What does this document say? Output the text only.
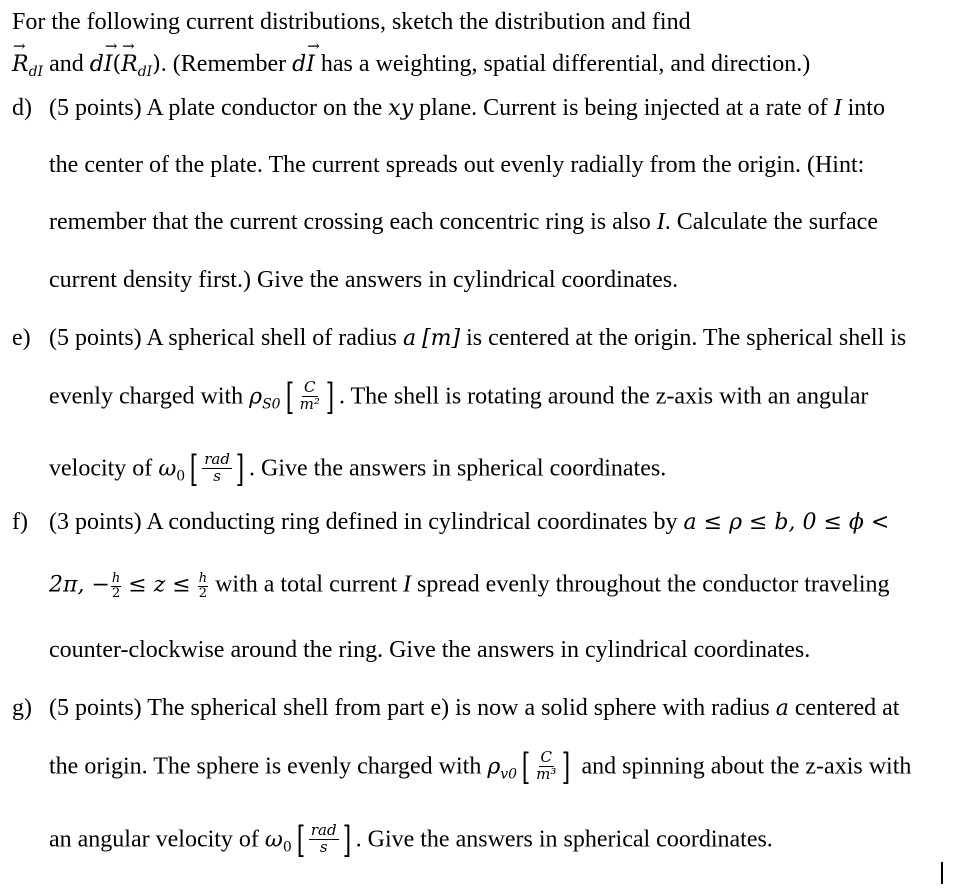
For the following current distributions, sketch the distribution and find
→ $R_{dI}$ and $d\to I(\to R_{dI})$. (Remember d→ I has a weighting, spatial differential, and direction.)
d) (5 points) A plate conductor on the xy plane. Current is being injected at a rate of I into
the center of the plate. The current spreads out evenly radially from the origin. (Hint:
remember that the current crossing each concentric ring is also I. Calculate the surface
current density first.) Give the answers in cylindrical coordinates.
e) (5 points) A spherical shell of radius a [m] is centered at the origin. The spherical shell is
evenly charged with $\rho_{S0}$ [ $\frac{C}{\text{m²}}$ ] . The shell is rotating around the z-axis with an angular
velocity of $\omega_0$ [ $\frac{\text{rad}}{s}$ ] . Give the answers in spherical coordinates.
f) (3 points) A conducting ring defined in cylindrical coordinates by a ≤ ρ ≤ b, 0 ≤ ϕ <
2π, − $\frac{h}{2} \le z \le \frac{h}{2}$ with a total current I spread evenly throughout the conductor traveling
counter-clockwise around the ring. Give the answers in cylindrical coordinates.
g) (5 points) The spherical shell from part e) is now a solid sphere with radius a centered at
the origin. The sphere is evenly charged with $\rho_{v0}$ [ $\frac{C}{\text{m³}}$ ] and spinning about the z-axis with
an angular velocity of $\omega_0$ [ $\frac{\text{rad}}{s}$ ] . Give the answers in spherical coordinates.
